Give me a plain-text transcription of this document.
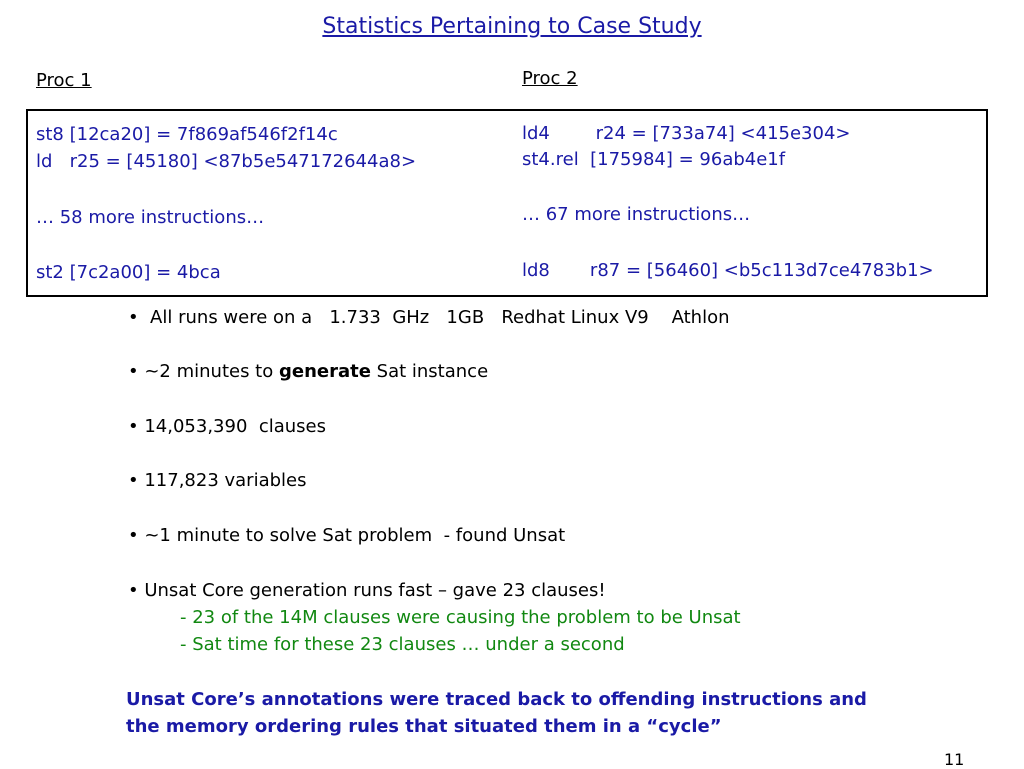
Statistics Pertaining to Case Study
Proc 1	Proc 2
st8 [12ca20] = 7f869af546f2f14c
ld   r25 = [45180] <87b5e547172644a8>
… 58 more instructions…
st2 [7c2a00] = 4bca
ld4        r24 = [733a74] <415e304>
st4.rel  [175984] = 96ab4e1f
… 67 more instructions…
ld8       r87 = [56460] <b5c113d7ce4783b1>
•  All runs were on a   1.733  GHz   1GB   Redhat Linux V9    Athlon
• ~2 minutes to generate Sat instance
• 14,053,390  clauses
• 117,823 variables
• ~1 minute to solve Sat problem  - found Unsat
• Unsat Core generation runs fast – gave 23 clauses!
- 23 of the 14M clauses were causing the problem to be Unsat
- Sat time for these 23 clauses … under a second
Unsat Core’s annotations were traced back to offending instructions and
the memory ordering rules that situated them in a “cycle”
11
